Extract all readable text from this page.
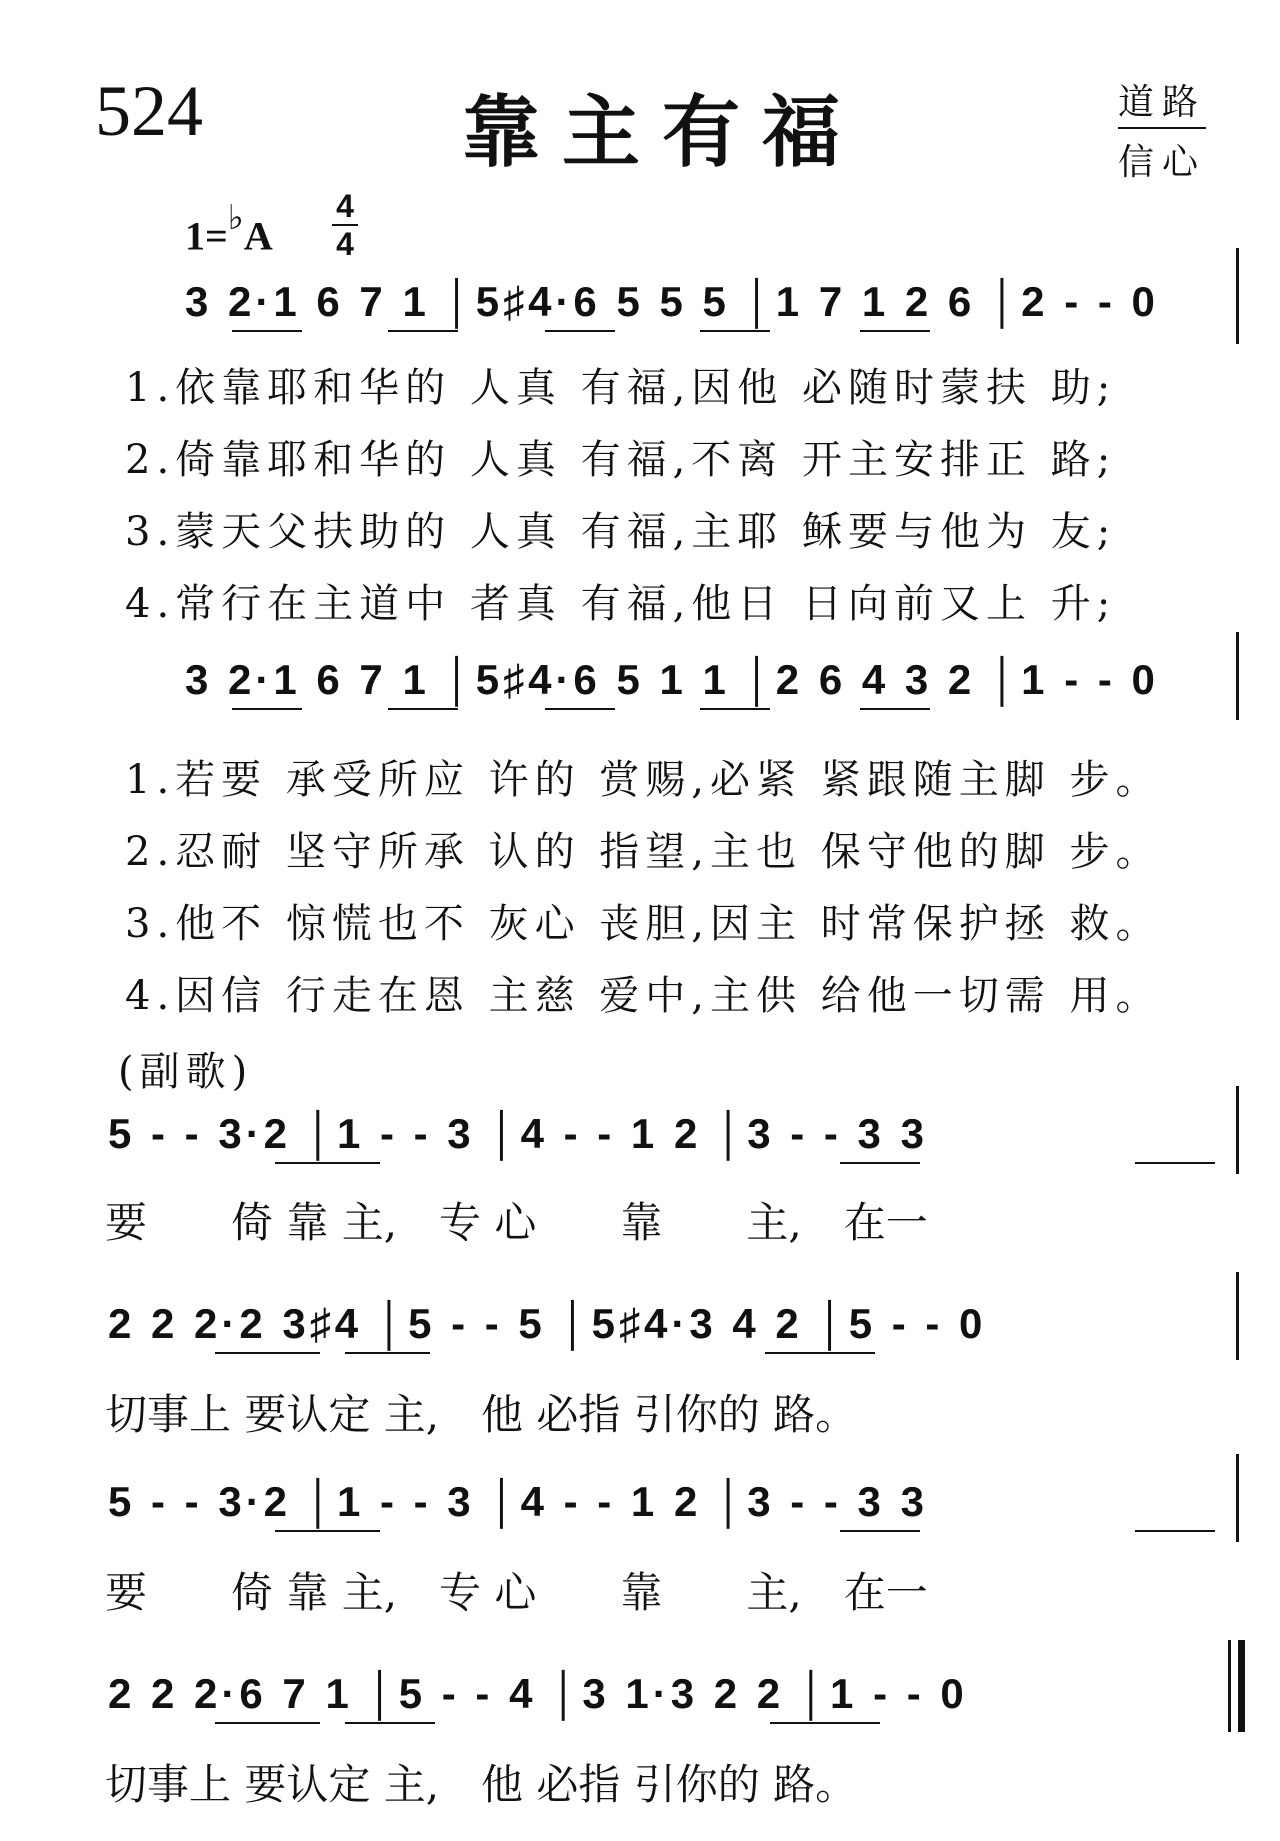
524	靠主有福	道路
信心
1=♭A
4
4
3 2·1 6 7 1 │5♯4·6 5 5 5 │1 7 1 2 6 │2 - - 0
1.依靠耶和华的 人真 有福,因他 必随时蒙扶 助;
2.倚靠耶和华的 人真 有福,不离 开主安排正 路;
3.蒙天父扶助的 人真 有福,主耶 稣要与他为 友;
4.常行在主道中 者真 有福,他日 日向前又上 升;
3 2·1 6 7 1 │5♯4·6 5 1 1 │2 6 4 3 2 │1 - - 0
1.若要 承受所应 许的 赏赐,必紧 紧跟随主脚 步。
2.忍耐 坚守所承 认的 指望,主也 保守他的脚 步。
3.他不 惊慌也不 灰心 丧胆,因主 时常保护拯 救。
4.因信 行走在恩 主慈 爱中,主供 给他一切需 用。
(副歌)
5 - - 3·2 │1 - - 3 │4 - - 1 2 │3 - - 3 3
要　　倚 靠 主,　专 心　　靠　　主,　在一
2 2 2·2 3♯4 │5 - - 5 │5♯4·3 4 2 │5 - - 0
切事上 要认定 主,　他 必指 引你的 路。
5 - - 3·2 │1 - - 3 │4 - - 1 2 │3 - - 3 3
要　　倚 靠 主,　专 心　　靠　　主,　在一
2 2 2·6 7 1 │5 - - 4 │3 1·3 2 2 │1 - - 0
切事上 要认定 主,　他 必指 引你的 路。
